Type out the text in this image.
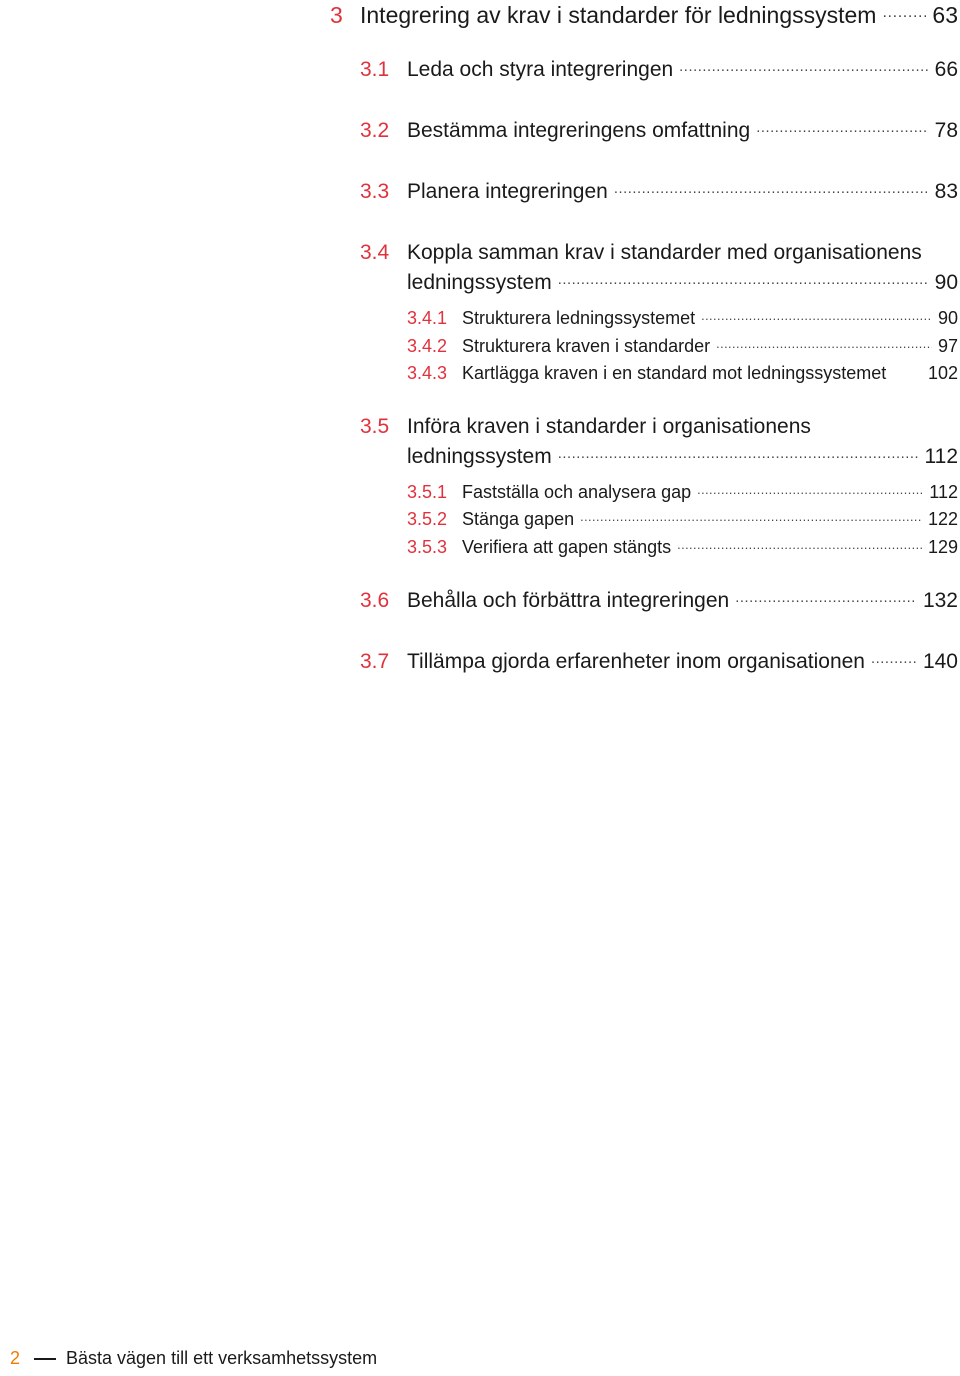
3 Integrering av krav i standarder för ledningssystem . . . 63
3.1 Leda och styra integreringen . . .	66
3.2 Bestämma integreringens omfattning . . .	78
3.3 Planera integreringen . . .	83
3.4 Koppla samman krav i standarder med organisationens
ledningssystem . . .	90
3.4.1 Strukturera ledningssystemet . . .	90
3.4.2 Strukturera kraven i standarder . . .	97
3.4.3 Kartlägga kraven i en standard mot ledningssystemet 102
3.5 Införa kraven i standarder i organisationens
ledningssystem . . .	112
3.5.1 Fastställa och analysera gap . . .	112
3.5.2 Stänga gapen . . .	122
3.5.3 Verifiera att gapen stängts . . .	129
3.6 Behålla och förbättra integreringen . . .	132
3.7 Tillämpa gjorda erfarenheter inom organisationen . . .	140
2	Bästa vägen till ett verksamhetssystem
